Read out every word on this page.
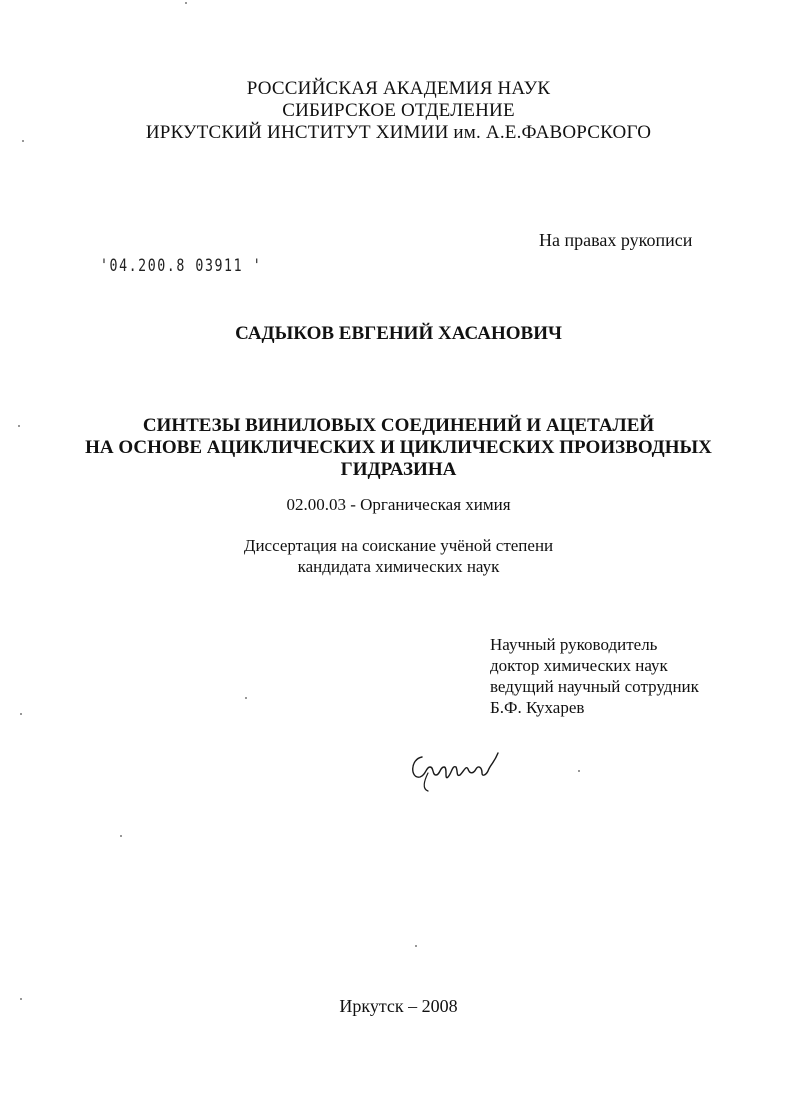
РОССИЙСКАЯ АКАДЕМИЯ НАУК
СИБИРСКОЕ ОТДЕЛЕНИЕ
ИРКУТСКИЙ ИНСТИТУТ ХИМИИ им. А.Е.ФАВОРСКОГО
На правах рукописи
'04.200.8 03911 '
САДЫКОВ ЕВГЕНИЙ ХАСАНОВИЧ
СИНТЕЗЫ ВИНИЛОВЫХ СОЕДИНЕНИЙ И АЦЕТАЛЕЙ
НА ОСНОВЕ АЦИКЛИЧЕСКИХ И ЦИКЛИЧЕСКИХ ПРОИЗВОДНЫХ
ГИДРАЗИНА
02.00.03 - Органическая химия
Диссертация на соискание учёной степени
кандидата химических наук
Научный руководитель
доктор химических наук
ведущий научный сотрудник
Б.Ф. Кухарев
Иркутск – 2008
